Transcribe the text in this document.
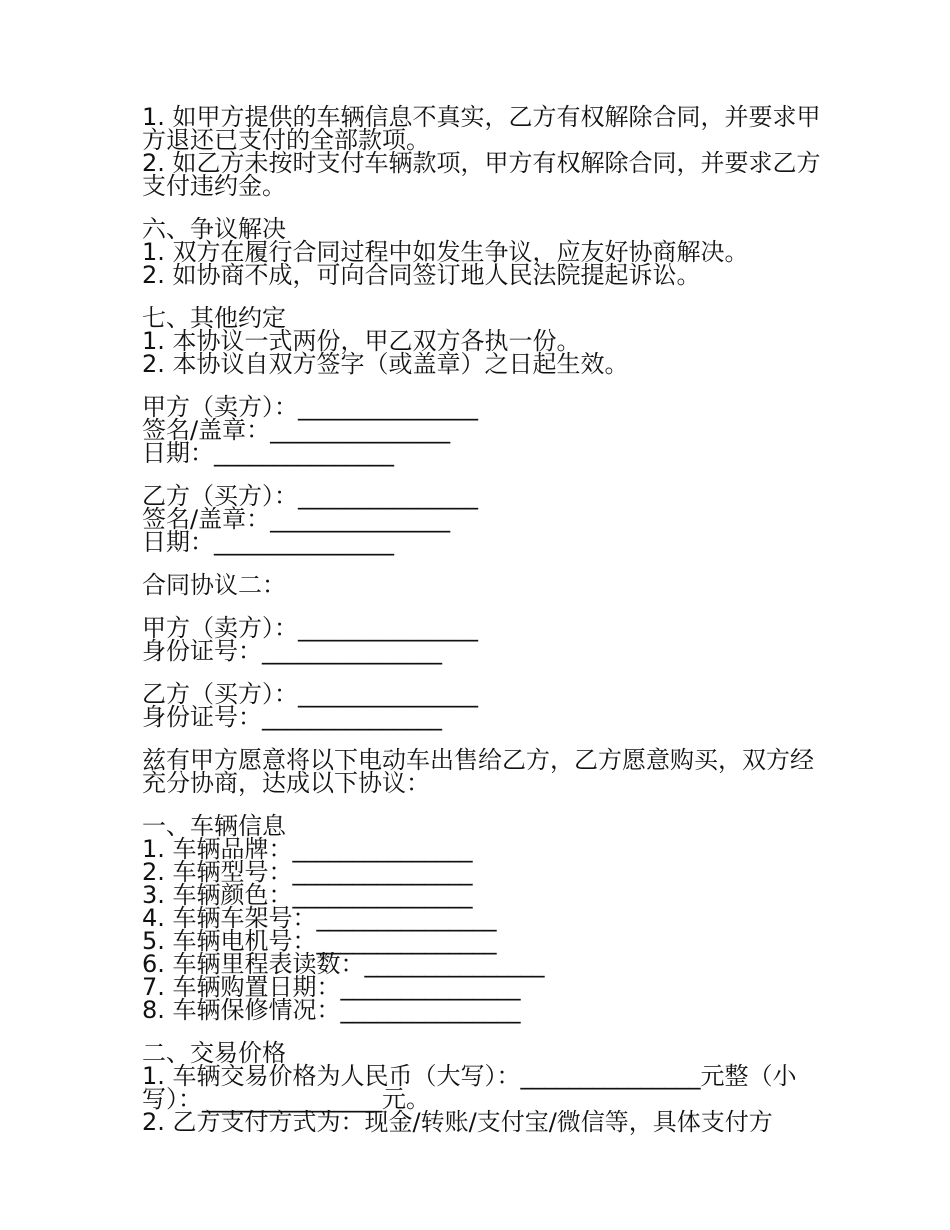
1. 如甲方提供的车辆信息不真实，乙方有权解除合同，并要求甲方退还已支付的全部款项。
2. 如乙方未按时支付车辆款项，甲方有权解除合同，并要求乙方支付违约金。
六、争议解决
1. 双方在履行合同过程中如发生争议，应友好协商解决。
2. 如协商不成，可向合同签订地人民法院提起诉讼。
七、其他约定
1. 本协议一式两份，甲乙双方各执一份。
2. 本协议自双方签字（或盖章）之日起生效。
甲方（卖方）：_______________
签名/盖章：_______________
日期：_______________
乙方（买方）：_______________
签名/盖章：_______________
日期：_______________
合同协议二：
甲方（卖方）：_______________
身份证号：_______________
乙方（买方）：_______________
身份证号：_______________
兹有甲方愿意将以下电动车出售给乙方，乙方愿意购买，双方经充分协商，达成以下协议：
一、车辆信息
1. 车辆品牌：_______________
2. 车辆型号：_______________
3. 车辆颜色：_______________
4. 车辆车架号：_______________
5. 车辆电机号：_______________
6. 车辆里程表读数：_______________
7. 车辆购置日期：_______________
8. 车辆保修情况：_______________
二、交易价格
1. 车辆交易价格为人民币（大写）：_______________元整（小写）：_______________元。
2. 乙方支付方式为：现金/转账/支付宝/微信等，具体支付方
